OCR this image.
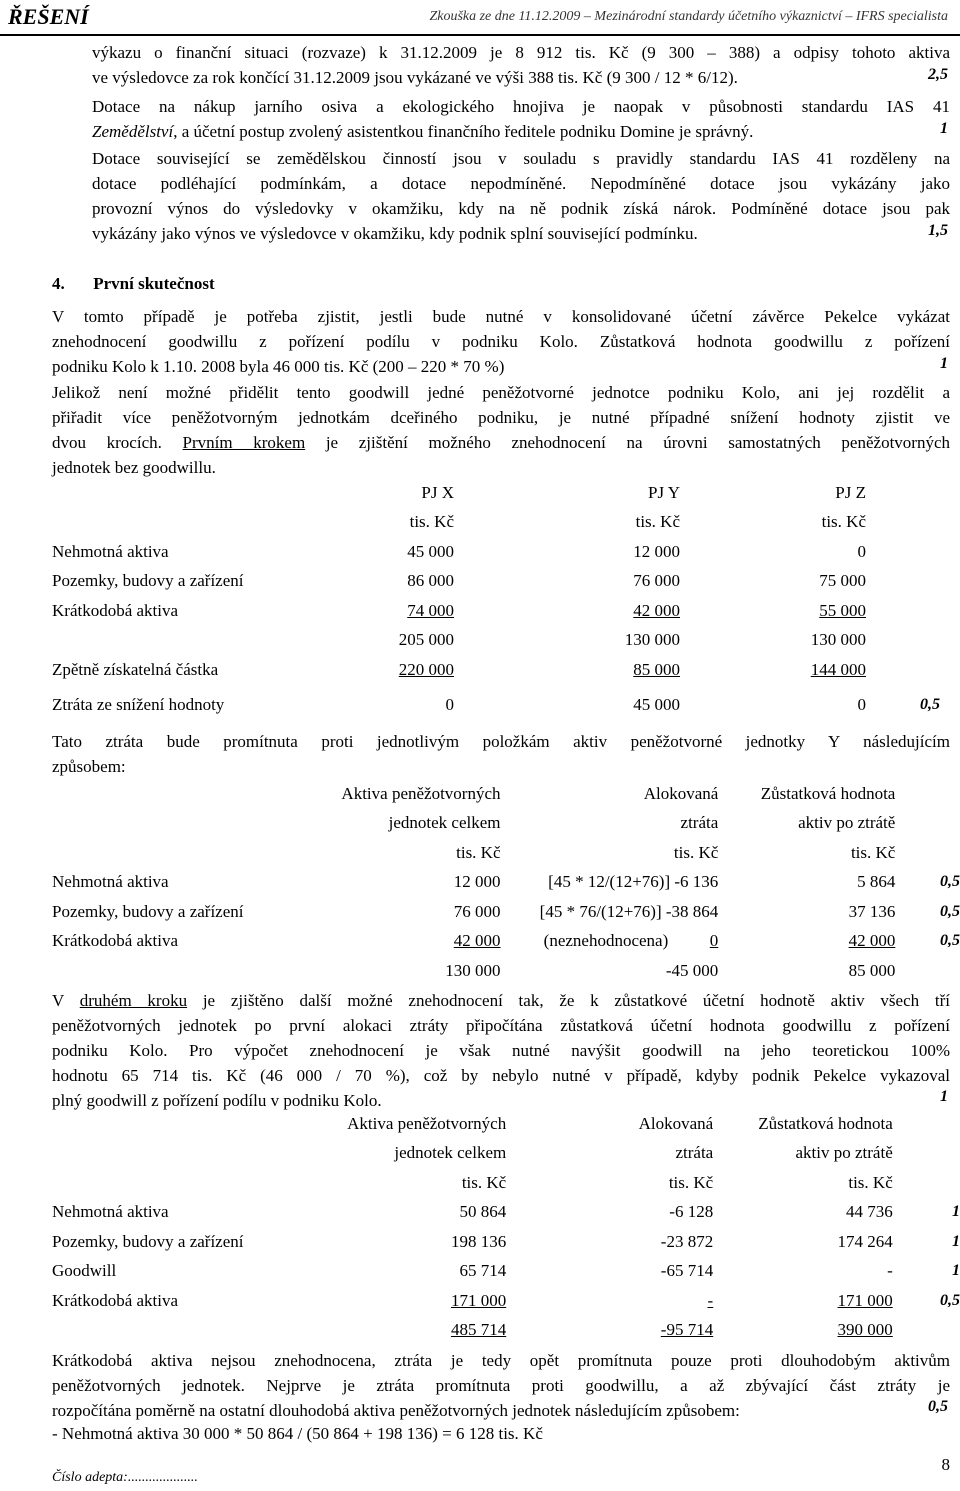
ŘEŠENÍ	Zkouška ze dne 11.12.2009 – Mezinárodní standardy účetního výkaznictví – IFRS specialista
výkazu o finanční situaci (rozvaze) k 31.12.2009 je 8 912 tis. Kč (9 300 – 388) a odpisy tohoto aktiva
ve výsledovce za rok končící 31.12.2009 jsou vykázané ve výši 388 tis. Kč (9 300 / 12 * 6/12).	2,5
Dotace na nákup jarního osiva a ekologického hnojiva je naopak v působnosti standardu IAS 41
Zemědělství, a účetní postup zvolený asistentkou finančního ředitele podniku Domine je správný.	1
Dotace související se zemědělskou činností jsou v souladu s pravidly standardu IAS 41 rozděleny na
dotace podléhající podmínkám, a dotace nepodmíněné. Nepodmíněné dotace jsou vykázány jako
provozní výnos do výsledovky v okamžiku, kdy na ně podnik získá nárok. Podmíněné dotace jsou pak
vykázány jako výnos ve výsledovce v okamžiku, kdy podnik splní související podmínku.	1,5
4. První skutečnost
V tomto případě je potřeba zjistit, jestli bude nutné v konsolidované účetní závěrce Pekelce vykázat
znehodnocení goodwillu z pořízení podílu v podniku Kolo. Zůstatková hodnota goodwillu z pořízení
podniku Kolo k 1.10. 2008 byla 46 000 tis. Kč (200 – 220 * 70 %)	1
Jelikož není možné přidělit tento goodwill jedné peněžotvorné jednotce podniku Kolo, ani jej rozdělit a
přiřadit více peněžotvorným jednotkám dceřiného podniku, je nutné případné snížení hodnoty zjistit ve
dvou krocích. Prvním krokem je zjištění možného znehodnocení na úrovni samostatných peněžotvorných
jednotek bez goodwillu.
	PJ X	PJ Y	PJ Z	
	tis. Kč	tis. Kč	tis. Kč	
Nehmotná aktiva	45 000	12 000	0	
Pozemky, budovy a zařízení	86 000	76 000	75 000	
Krátkodobá aktiva	74 000	42 000	55 000	
	205 000	130 000	130 000	
Zpětně získatelná částka	220 000	85 000	144 000	

Ztráta ze snížení hodnoty	0	45 000	0	0,5
Tato ztráta bude promítnuta proti jednotlivým položkám aktiv peněžotvorné jednotky Y následujícím
způsobem:
	Aktiva peněžotvorných	Alokovaná	Zůstatková hodnota	
	jednotek celkem	ztráta	aktiv po ztrátě	
	tis. Kč	tis. Kč	tis. Kč	
Nehmotná aktiva	12 000	[45 * 12/(12+76)] -6 136	5 864	0,5
Pozemky, budovy a zařízení	76 000	[45 * 76/(12+76)] -38 864	37 136	0,5
Krátkodobá aktiva	42 000	(neznehodnocena) 0	42 000	0,5
	130 000	-45 000	85 000	
V druhém kroku je zjištěno další možné znehodnocení tak, že k zůstatkové účetní hodnotě aktiv všech tří
peněžotvorných jednotek po první alokaci ztráty připočítána zůstatková účetní hodnota goodwillu z pořízení
podniku Kolo. Pro výpočet znehodnocení je však nutné navýšit goodwill na jeho teoretickou 100%
hodnotu 65 714 tis. Kč (46 000 / 70 %), což by nebylo nutné v případě, kdyby podnik Pekelce vykazoval
plný goodwill z pořízení podílu v podniku Kolo.	1
	Aktiva peněžotvorných	Alokovaná	Zůstatková hodnota	
	jednotek celkem	ztráta	aktiv po ztrátě	
	tis. Kč	tis. Kč	tis. Kč	
Nehmotná aktiva	50 864	-6 128	44 736	1
Pozemky, budovy a zařízení	198 136	-23 872	174 264	1
Goodwill	65 714	-65 714	-	1
Krátkodobá aktiva	171 000	-	171 000	0,5
	485 714	-95 714	390 000	
Krátkodobá aktiva nejsou znehodnocena, ztráta je tedy opět promítnuta pouze proti dlouhodobým aktivům
peněžotvorných jednotek. Nejprve je ztráta promítnuta proti goodwillu, a až zbývající část ztráty je
rozpočítána poměrně na ostatní dlouhodobá aktiva peněžotvorných jednotek následujícím způsobem:	0,5
- Nehmotná aktiva 30 000 * 50 864 / (50 864 + 198 136) = 6 128 tis. Kč
Číslo adepta:....................
8
